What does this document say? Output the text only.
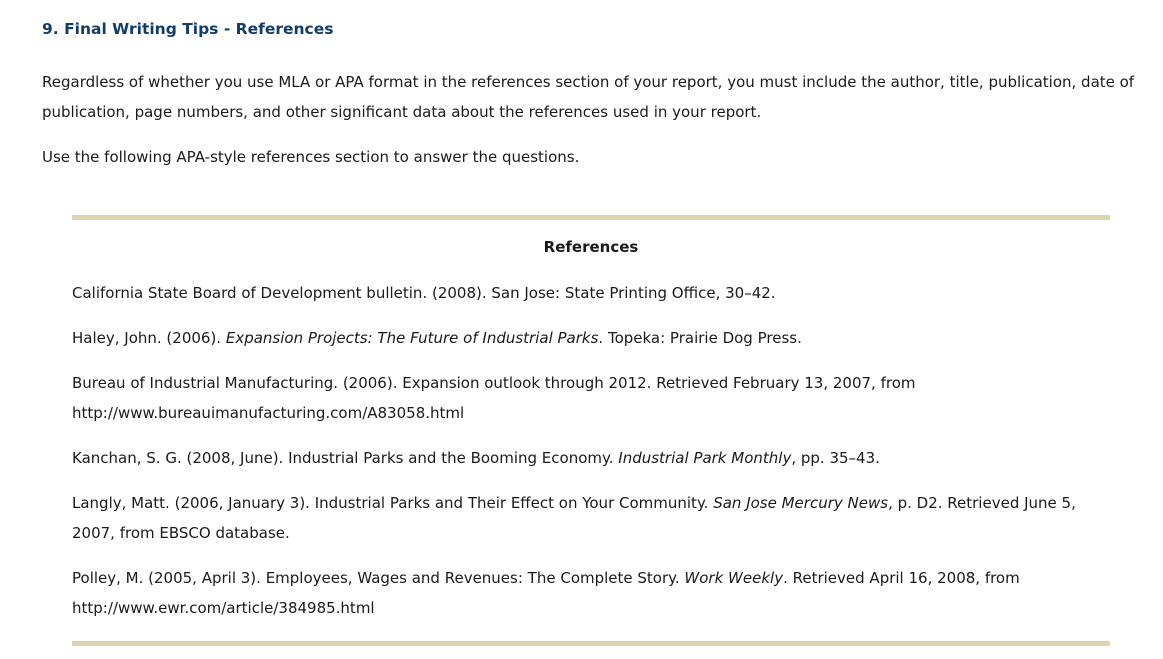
9. Final Writing Tips - References

Regardless of whether you use MLA or APA format in the references section of your report, you must include the author, title, publication, date of publication, page numbers, and other significant data about the references used in your report.

Use the following APA-style references section to answer the questions.

References

California State Board of Development bulletin. (2008). San Jose: State Printing Office, 30–42.

Haley, John. (2006). Expansion Projects: The Future of Industrial Parks. Topeka: Prairie Dog Press.

Bureau of Industrial Manufacturing. (2006). Expansion outlook through 2012. Retrieved February 13, 2007, from http://www.bureauimanufacturing.com/A83058.html

Kanchan, S. G. (2008, June). Industrial Parks and the Booming Economy. Industrial Park Monthly, pp. 35–43.

Langly, Matt. (2006, January 3). Industrial Parks and Their Effect on Your Community. San Jose Mercury News, p. D2. Retrieved June 5, 2007, from EBSCO database.

Polley, M. (2005, April 3). Employees, Wages and Revenues: The Complete Story. Work Weekly. Retrieved April 16, 2008, from http://www.ewr.com/article/384985.html
